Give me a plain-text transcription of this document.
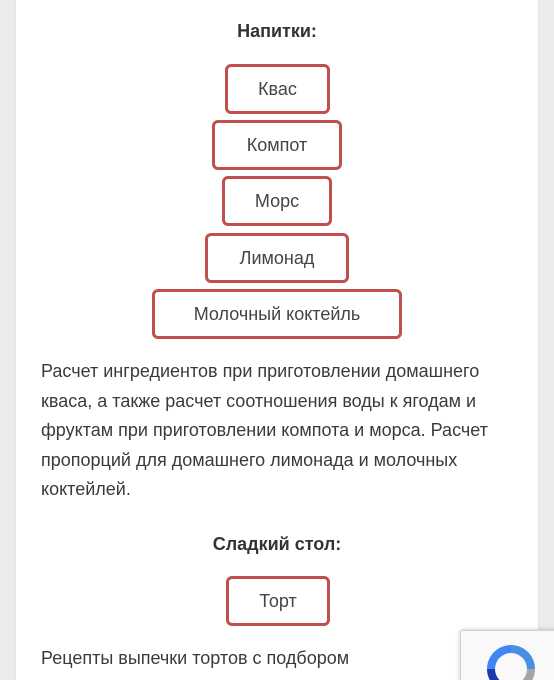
Напитки:
Квас
Компот
Морс
Лимонад
Молочный коктейль
Расчет ингредиентов при приготовлении домашнего кваса, а также расчет соотношения воды к ягодам и фруктам при приготовлении компота и морса. Расчет пропорций для домашнего лимонада и молочных коктейлей.
Сладкий стол:
Торт
Рецепты выпечки тортов с подбором
